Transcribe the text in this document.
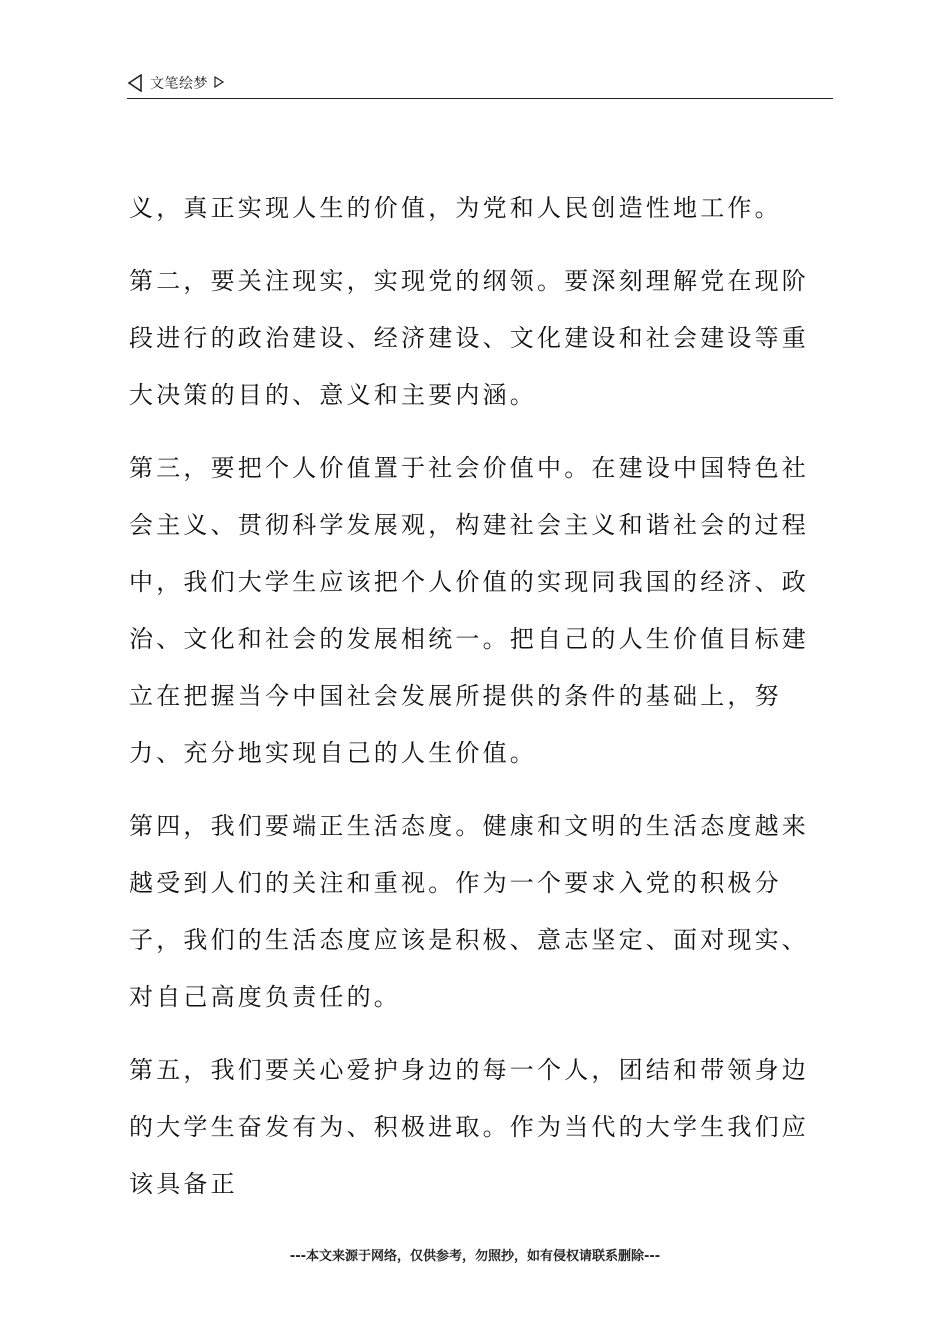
文笔绘梦

义，真正实现人生的价值，为党和人民创造性地工作。

第二，要关注现实，实现党的纲领。要深刻理解党在现阶段进行的政治建设、经济建设、文化建设和社会建设等重大决策的目的、意义和主要内涵。

第三，要把个人价值置于社会价值中。在建设中国特色社会主义、贯彻科学发展观，构建社会主义和谐社会的过程中，我们大学生应该把个人价值的实现同我国的经济、政治、文化和社会的发展相统一。把自己的人生价值目标建立在把握当今中国社会发展所提供的条件的基础上，努力、充分地实现自己的人生价值。

第四，我们要端正生活态度。健康和文明的生活态度越来越受到人们的关注和重视。作为一个要求入党的积极分子，我们的生活态度应该是积极、意志坚定、面对现实、对自己高度负责任的。

第五，我们要关心爱护身边的每一个人，团结和带领身边的大学生奋发有为、积极进取。作为当代的大学生我们应该具备正

---本文来源于网络，仅供参考，勿照抄，如有侵权请联系删除---
